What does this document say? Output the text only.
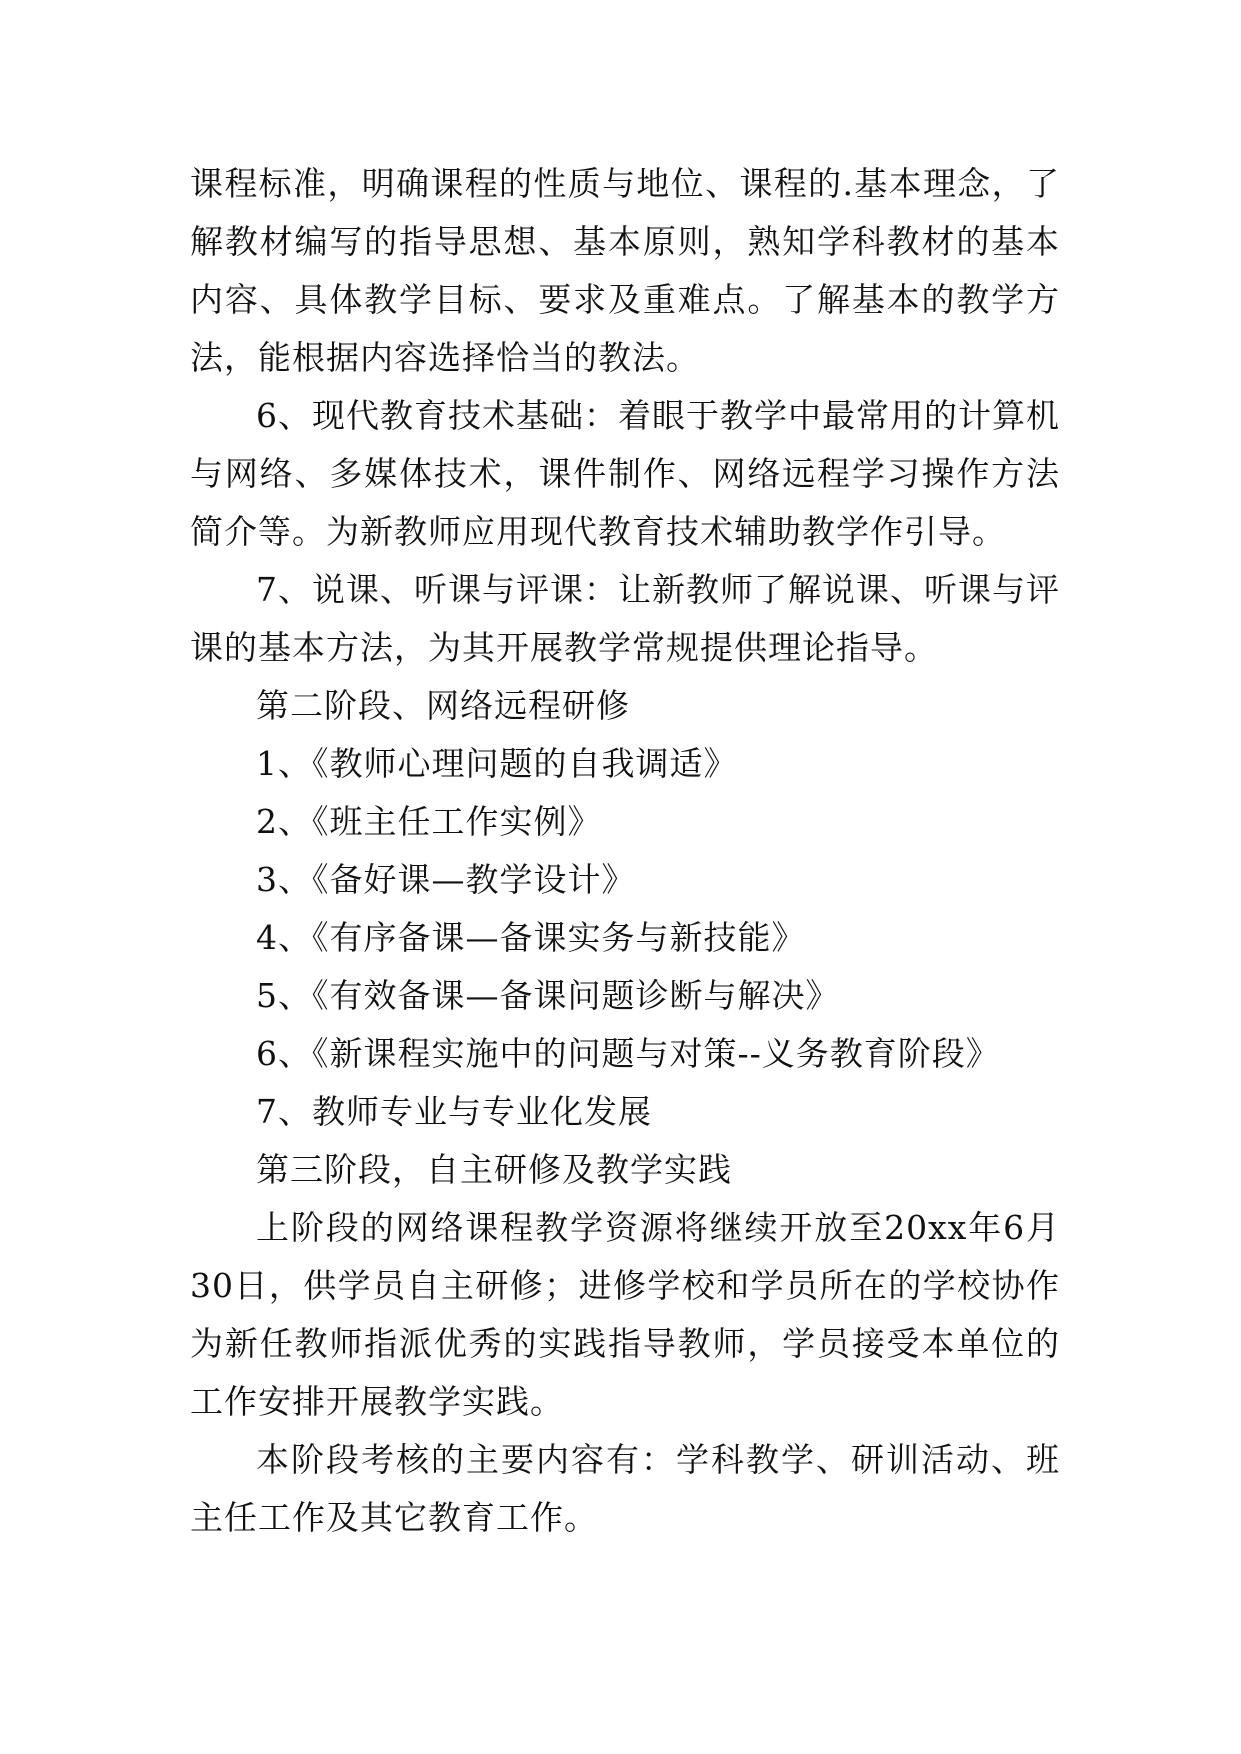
课程标准，明确课程的性质与地位、课程的.基本理念，了解教材编写的指导思想、基本原则，熟知学科教材的基本内容、具体教学目标、要求及重难点。了解基本的教学方法，能根据内容选择恰当的教法。

6、现代教育技术基础：着眼于教学中最常用的计算机与网络、多媒体技术，课件制作、网络远程学习操作方法简介等。为新教师应用现代教育技术辅助教学作引导。

7、说课、听课与评课：让新教师了解说课、听课与评课的基本方法，为其开展教学常规提供理论指导。

第二阶段、网络远程研修

1、《教师心理问题的自我调适》

2、《班主任工作实例》

3、《备好课—教学设计》

4、《有序备课—备课实务与新技能》

5、《有效备课—备课问题诊断与解决》

6、《新课程实施中的问题与对策--义务教育阶段》

7、教师专业与专业化发展

第三阶段，自主研修及教学实践

上阶段的网络课程教学资源将继续开放至20xx年6月30日，供学员自主研修；进修学校和学员所在的学校协作为新任教师指派优秀的实践指导教师，学员接受本单位的工作安排开展教学实践。

本阶段考核的主要内容有：学科教学、研训活动、班主任工作及其它教育工作。
